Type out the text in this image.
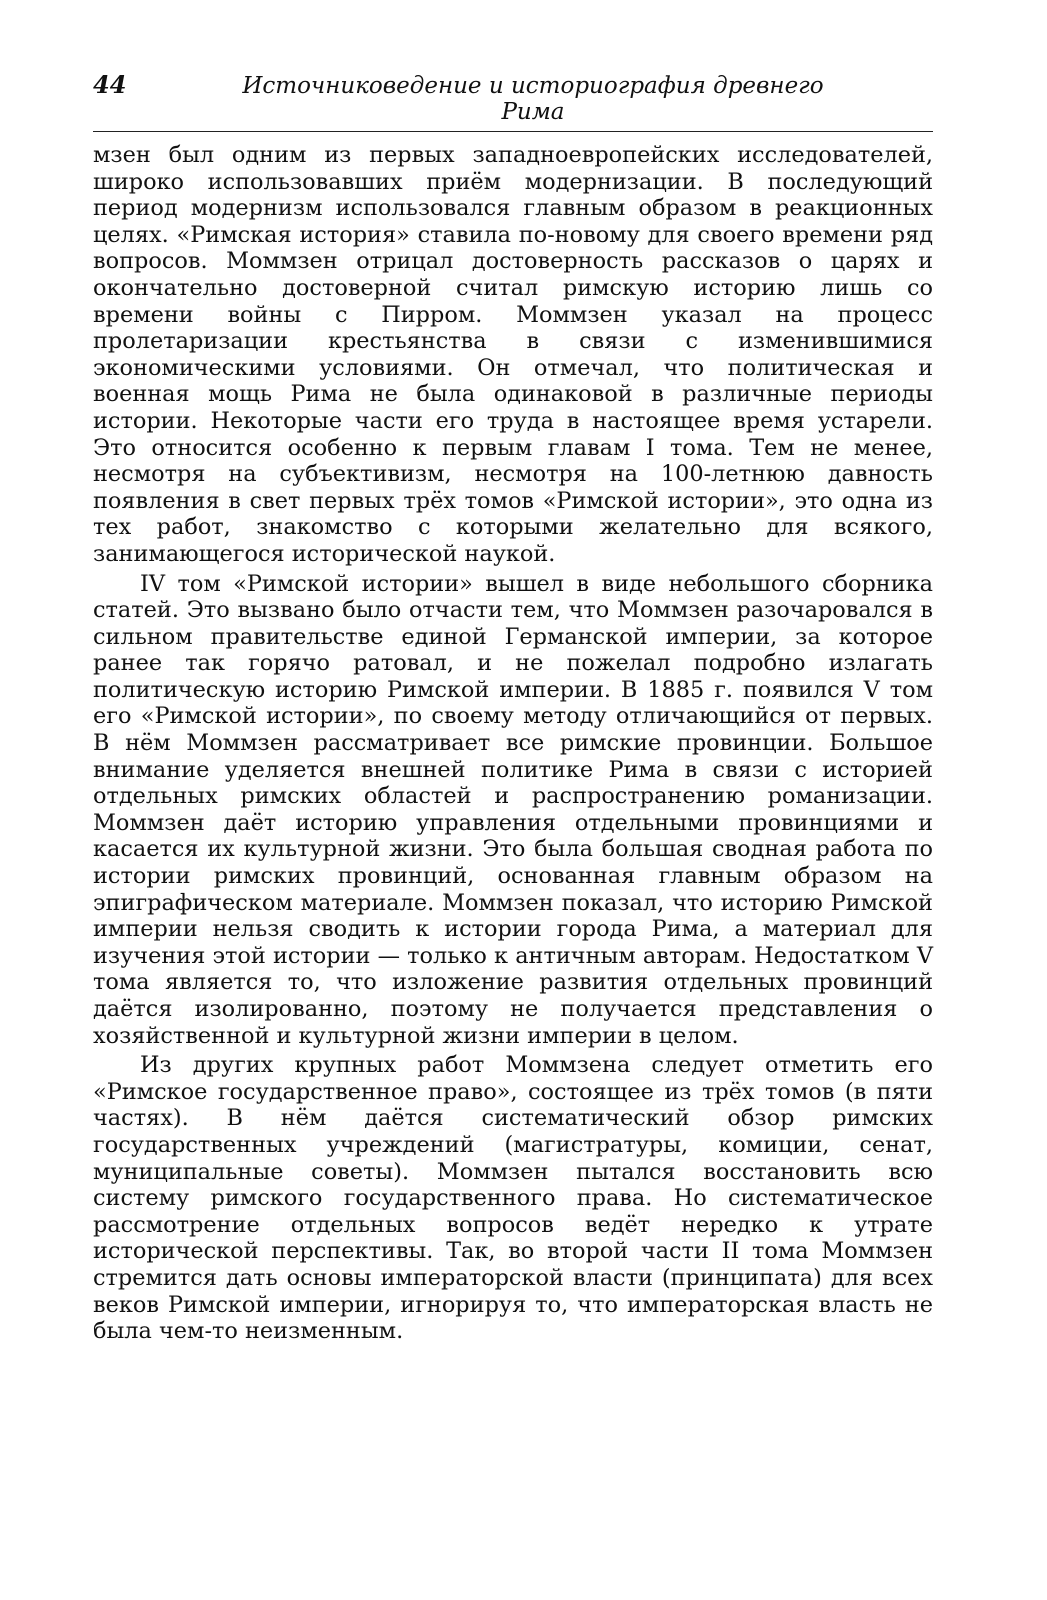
44	Источниковедение и историография древнего Рима

мзен был одним из первых западноевропейских исследователей, широко использовавших приём модернизации. В последующий период модернизм использовался главным образом в реакционных целях. «Римская история» ставила по-новому для своего времени ряд вопросов. Моммзен отрицал достоверность рассказов о царях и окончательно достоверной считал римскую историю лишь со времени войны с Пирром. Моммзен указал на процесс пролетаризации крестьянства в связи с изменившимися экономическими условиями. Он отмечал, что политическая и военная мощь Рима не была одинаковой в различные периоды истории. Некоторые части его труда в настоящее время устарели. Это относится особенно к первым главам I тома. Тем не менее, несмотря на субъективизм, несмотря на 100-летнюю давность появления в свет первых трёх томов «Римской истории», это одна из тех работ, знакомство с которыми желательно для всякого, занимающегося исторической наукой.

IV том «Римской истории» вышел в виде небольшого сборника статей. Это вызвано было отчасти тем, что Моммзен разочаровался в сильном правительстве единой Германской империи, за которое ранее так горячо ратовал, и не пожелал подробно излагать политическую историю Римской империи. В 1885 г. появился V том его «Римской истории», по своему методу отличающийся от первых. В нём Моммзен рассматривает все римские провинции. Большое внимание уделяется внешней политике Рима в связи с историей отдельных римских областей и распространению романизации. Моммзен даёт историю управления отдельными провинциями и касается их культурной жизни. Это была большая сводная работа по истории римских провинций, основанная главным образом на эпиграфическом материале. Моммзен показал, что историю Римской империи нельзя сводить к истории города Рима, а материал для изучения этой истории — только к античным авторам. Недостатком V тома является то, что изложение развития отдельных провинций даётся изолированно, поэтому не получается представления о хозяйственной и культурной жизни империи в целом.

Из других крупных работ Моммзена следует отметить его «Римское государственное право», состоящее из трёх томов (в пяти частях). В нём даётся систематический обзор римских государственных учреждений (магистратуры, комиции, сенат, муниципальные советы). Моммзен пытался восстановить всю систему римского государственного права. Но систематическое рассмотрение отдельных вопросов ведёт нередко к утрате исторической перспективы. Так, во второй части II тома Моммзен стремится дать основы императорской власти (принципата) для всех веков Римской империи, игнорируя то, что императорская власть не была чем-то неизменным.
